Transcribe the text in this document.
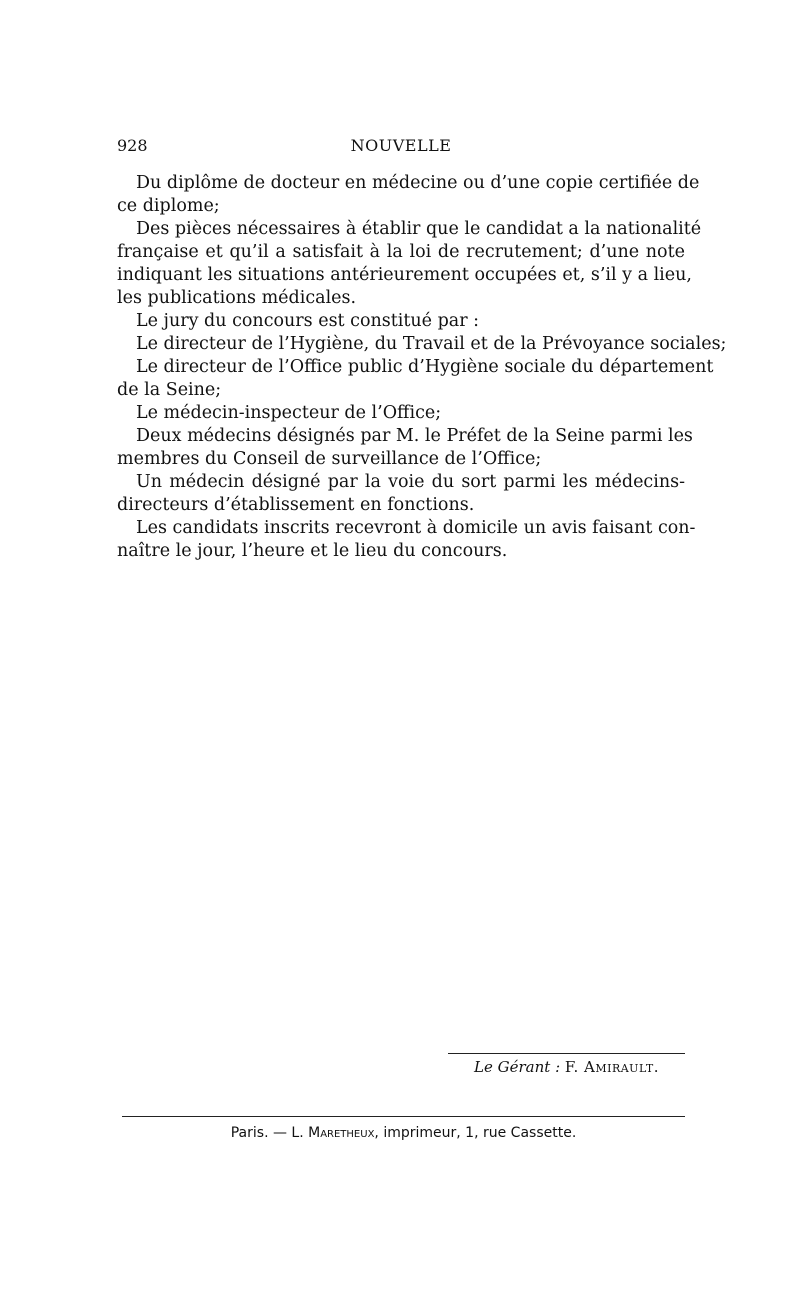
928	NOUVELLE
Du diplôme de docteur en médecine ou d’une copie certifiée de
ce diplome;
Des pièces nécessaires à établir que le candidat a la nationalité
française et qu’il a satisfait à la loi de recrutement; d’une note
indiquant les situations antérieurement occupées et, s’il y a lieu,
les publications médicales.
Le jury du concours est constitué par :
Le directeur de l’Hygiène, du Travail et de la Prévoyance sociales;
Le directeur de l’Office public d’Hygiène sociale du département
de la Seine;
Le médecin-inspecteur de l’Office;
Deux médecins désignés par M. le Préfet de la Seine parmi les
membres du Conseil de surveillance de l’Office;
Un médecin désigné par la voie du sort parmi les médecins-
directeurs d’établissement en fonctions.
Les candidats inscrits recevront à domicile un avis faisant con-
naître le jour, l’heure et le lieu du concours.
Le Gérant : F. Amirault.
Paris. — L. Maretheux, imprimeur, 1, rue Cassette.
